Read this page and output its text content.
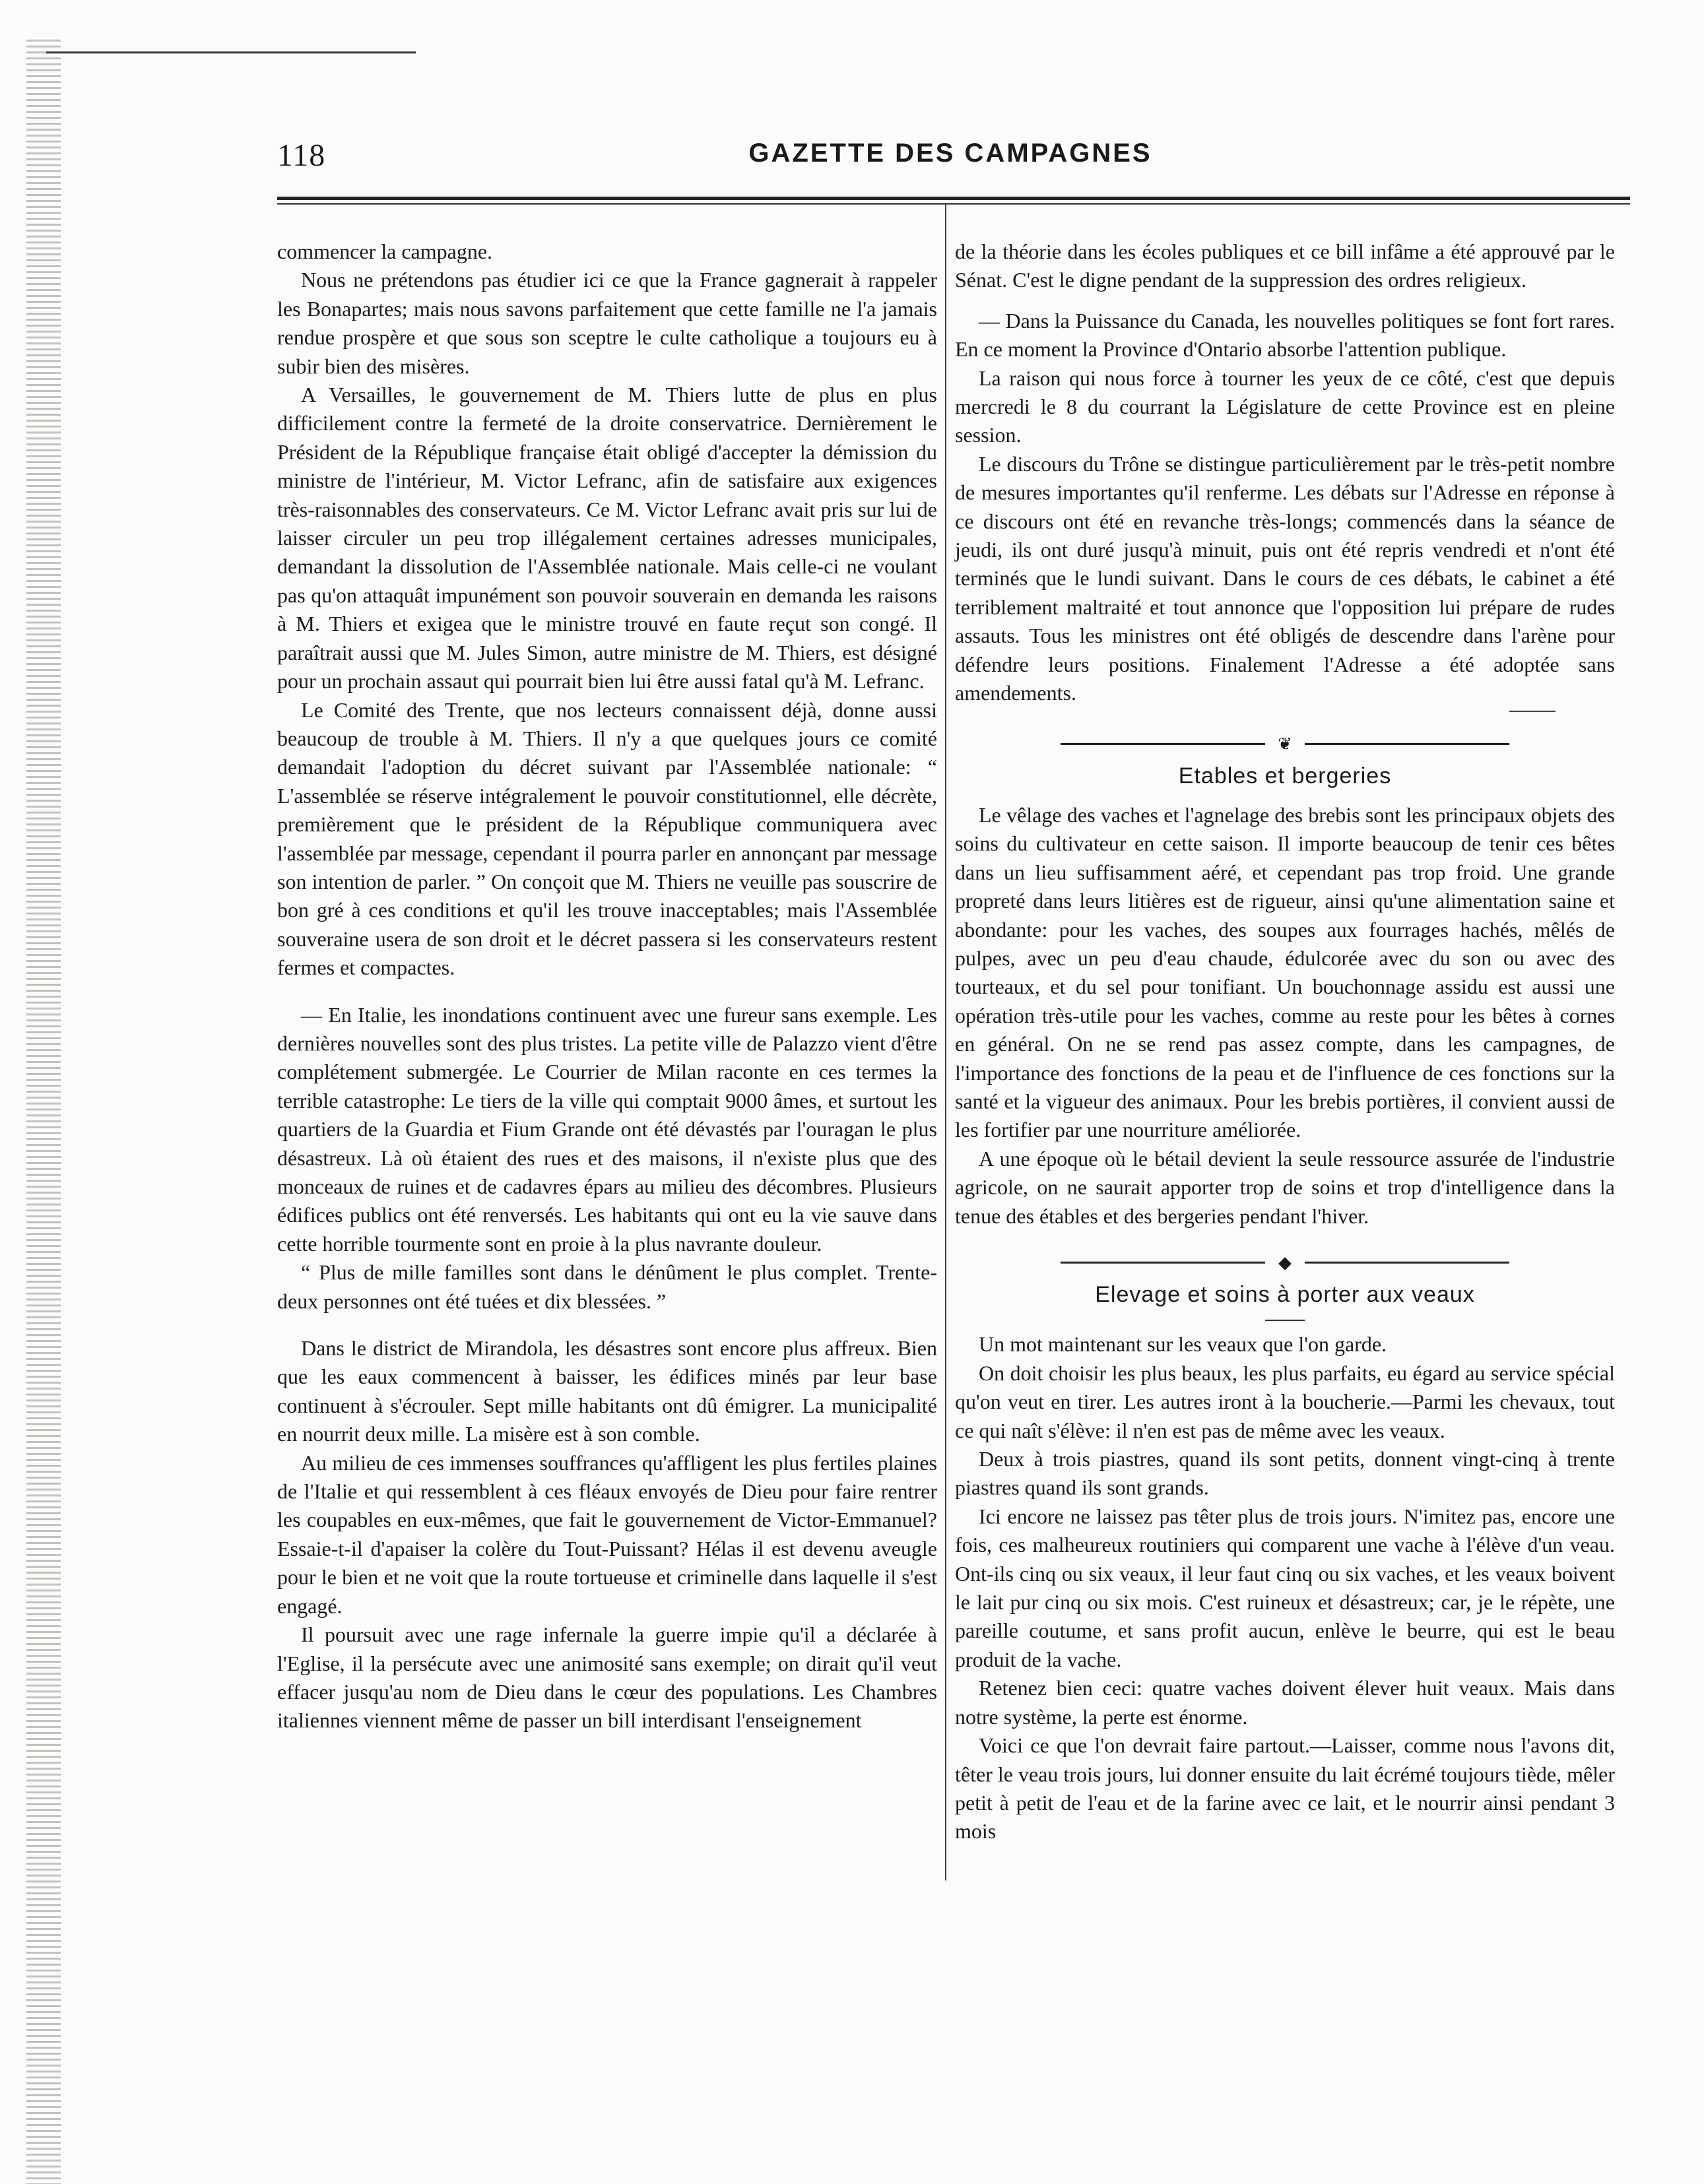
118	GAZETTE DES CAMPAGNES

commencer la campagne.

Nous ne prétendons pas étudier ici ce que la France gagnerait à rappeler les Bonapartes; mais nous savons parfaitement que cette famille ne l'a jamais rendue prospère et que sous son sceptre le culte catholique a toujours eu à subir bien des misères.

A Versailles, le gouvernement de M. Thiers lutte de plus en plus difficilement contre la fermeté de la droite conservatrice. Dernièrement le Président de la République française était obligé d'accepter la démission du ministre de l'intérieur, M. Victor Lefranc, afin de satisfaire aux exigences très-raisonnables des conservateurs. Ce M. Victor Lefranc avait pris sur lui de laisser circuler un peu trop illégalement certaines adresses municipales, demandant la dissolution de l'Assemblée nationale. Mais celle-ci ne voulant pas qu'on attaquât impunément son pouvoir souverain en demanda les raisons à M. Thiers et exigea que le ministre trouvé en faute reçut son congé. Il paraîtrait aussi que M. Jules Simon, autre ministre de M. Thiers, est désigné pour un prochain assaut qui pourrait bien lui être aussi fatal qu'à M. Lefranc.

Le Comité des Trente, que nos lecteurs connaissent déjà, donne aussi beaucoup de trouble à M. Thiers. Il n'y a que quelques jours ce comité demandait l'adoption du décret suivant par l'Assemblée nationale: “ L'assemblée se réserve intégralement le pouvoir constitutionnel, elle décrète, premièrement que le président de la République communiquera avec l'assemblée par message, cependant il pourra parler en annonçant par message son intention de parler. ” On conçoit que M. Thiers ne veuille pas souscrire de bon gré à ces conditions et qu'il les trouve inacceptables; mais l'Assemblée souveraine usera de son droit et le décret passera si les conservateurs restent fermes et compactes.

— En Italie, les inondations continuent avec une fureur sans exemple. Les dernières nouvelles sont des plus tristes. La petite ville de Palazzo vient d'être complétement submergée. Le Courrier de Milan raconte en ces termes la terrible catastrophe: Le tiers de la ville qui comptait 9000 âmes, et surtout les quartiers de la Guardia et Fium Grande ont été dévastés par l'ouragan le plus désastreux. Là où étaient des rues et des maisons, il n'existe plus que des monceaux de ruines et de cadavres épars au milieu des décombres. Plusieurs édifices publics ont été renversés. Les habitants qui ont eu la vie sauve dans cette horrible tourmente sont en proie à la plus navrante douleur.

“ Plus de mille familles sont dans le dénûment le plus complet. Trente-deux personnes ont été tuées et dix blessées. ”

Dans le district de Mirandola, les désastres sont encore plus affreux. Bien que les eaux commencent à baisser, les édifices minés par leur base continuent à s'écrouler. Sept mille habitants ont dû émigrer. La municipalité en nourrit deux mille. La misère est à son comble.

Au milieu de ces immenses souffrances qu'affligent les plus fertiles plaines de l'Italie et qui ressemblent à ces fléaux envoyés de Dieu pour faire rentrer les coupables en eux-mêmes, que fait le gouvernement de Victor-Emmanuel? Essaie-t-il d'apaiser la colère du Tout-Puissant? Hélas il est devenu aveugle pour le bien et ne voit que la route tortueuse et criminelle dans laquelle il s'est engagé.

Il poursuit avec une rage infernale la guerre impie qu'il a déclarée à l'Eglise, il la persécute avec une animosité sans exemple; on dirait qu'il veut effacer jusqu'au nom de Dieu dans le cœur des populations. Les Chambres italiennes viennent même de passer un bill interdisant l'enseignement

de la théorie dans les écoles publiques et ce bill infâme a été approuvé par le Sénat. C'est le digne pendant de la suppression des ordres religieux.

— Dans la Puissance du Canada, les nouvelles politiques se font fort rares. En ce moment la Province d'Ontario absorbe l'attention publique.

La raison qui nous force à tourner les yeux de ce côté, c'est que depuis mercredi le 8 du courrant la Législature de cette Province est en pleine session.

Le discours du Trône se distingue particulièrement par le très-petit nombre de mesures importantes qu'il renferme. Les débats sur l'Adresse en réponse à ce discours ont été en revanche très-longs; commencés dans la séance de jeudi, ils ont duré jusqu'à minuit, puis ont été repris vendredi et n'ont été terminés que le lundi suivant. Dans le cours de ces débats, le cabinet a été terriblement maltraité et tout annonce que l'opposition lui prépare de rudes assauts. Tous les ministres ont été obligés de descendre dans l'arène pour défendre leurs positions. Finalement l'Adresse a été adoptée sans amendements.

❦
Etables et bergeries

Le vêlage des vaches et l'agnelage des brebis sont les principaux objets des soins du cultivateur en cette saison. Il importe beaucoup de tenir ces bêtes dans un lieu suffisamment aéré, et cependant pas trop froid. Une grande propreté dans leurs litières est de rigueur, ainsi qu'une alimentation saine et abondante: pour les vaches, des soupes aux fourrages hachés, mêlés de pulpes, avec un peu d'eau chaude, édulcorée avec du son ou avec des tourteaux, et du sel pour tonifiant. Un bouchonnage assidu est aussi une opération très-utile pour les vaches, comme au reste pour les bêtes à cornes en général. On ne se rend pas assez compte, dans les campagnes, de l'importance des fonctions de la peau et de l'influence de ces fonctions sur la santé et la vigueur des animaux. Pour les brebis portières, il convient aussi de les fortifier par une nourriture améliorée.

A une époque où le bétail devient la seule ressource assurée de l'industrie agricole, on ne saurait apporter trop de soins et trop d'intelligence dans la tenue des étables et des bergeries pendant l'hiver.

◆
Elevage et soins à porter aux veaux

Un mot maintenant sur les veaux que l'on garde.

On doit choisir les plus beaux, les plus parfaits, eu égard au service spécial qu'on veut en tirer. Les autres iront à la boucherie.—Parmi les chevaux, tout ce qui naît s'élève: il n'en est pas de même avec les veaux.

Deux à trois piastres, quand ils sont petits, donnent vingt-cinq à trente piastres quand ils sont grands.

Ici encore ne laissez pas têter plus de trois jours. N'imitez pas, encore une fois, ces malheureux routiniers qui comparent une vache à l'élève d'un veau. Ont-ils cinq ou six veaux, il leur faut cinq ou six vaches, et les veaux boivent le lait pur cinq ou six mois. C'est ruineux et désastreux; car, je le répète, une pareille coutume, et sans profit aucun, enlève le beurre, qui est le beau produit de la vache.

Retenez bien ceci: quatre vaches doivent élever huit veaux. Mais dans notre système, la perte est énorme.

Voici ce que l'on devrait faire partout.—Laisser, comme nous l'avons dit, têter le veau trois jours, lui donner ensuite du lait écrémé toujours tiède, mêler petit à petit de l'eau et de la farine avec ce lait, et le nourrir ainsi pendant 3 mois
